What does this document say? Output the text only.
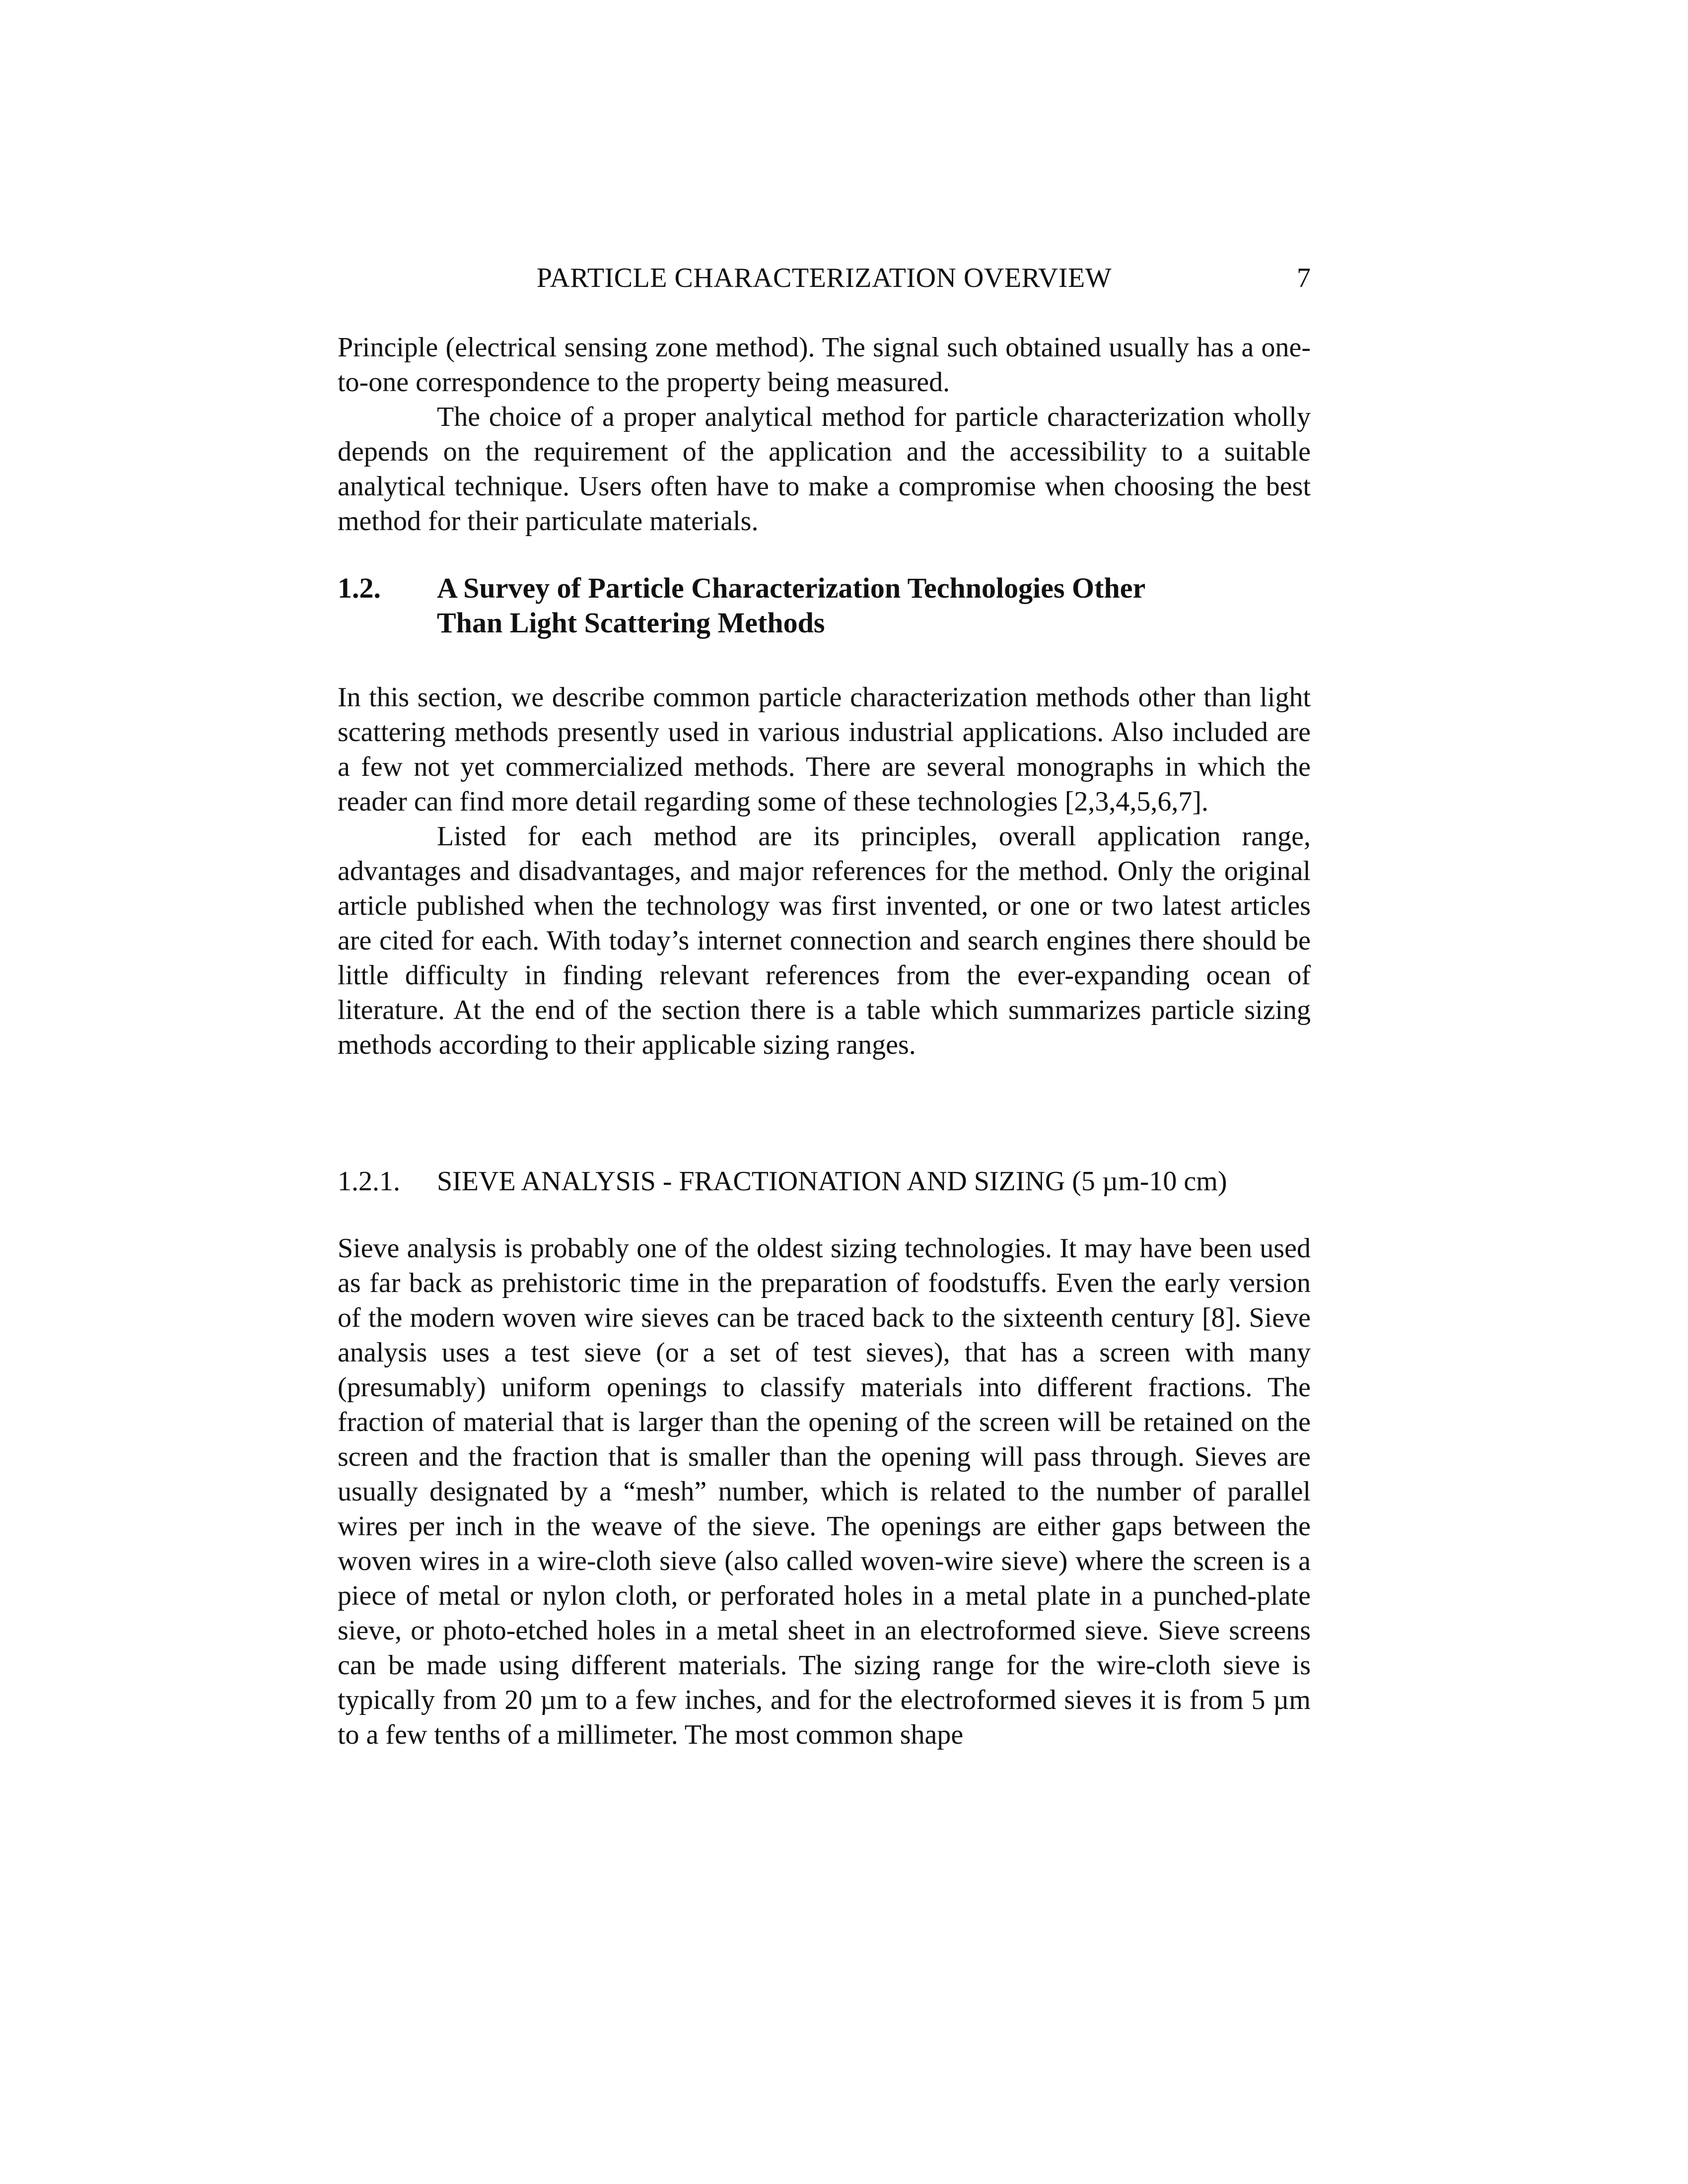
PARTICLE CHARACTERIZATION OVERVIEW	7

Principle (electrical sensing zone method). The signal such obtained usually has a one-to-one correspondence to the property being measured.

The choice of a proper analytical method for particle characterization wholly depends on the requirement of the application and the accessibility to a suitable analytical technique. Users often have to make a compromise when choosing the best method for their particulate materials.

1.2. A Survey of Particle Characterization Technologies Other
Than Light Scattering Methods

In this section, we describe common particle characterization methods other than light scattering methods presently used in various industrial applications. Also included are a few not yet commercialized methods. There are several monographs in which the reader can find more detail regarding some of these technologies [2,3,4,5,6,7].

Listed for each method are its principles, overall application range, advantages and disadvantages, and major references for the method. Only the original article published when the technology was first invented, or one or two latest articles are cited for each. With today’s internet connection and search engines there should be little difficulty in finding relevant references from the ever-expanding ocean of literature. At the end of the section there is a table which summarizes particle sizing methods according to their applicable sizing ranges.

1.2.1. SIEVE ANALYSIS - FRACTIONATION AND SIZING (5 µm-10 cm)

Sieve analysis is probably one of the oldest sizing technologies. It may have been used as far back as prehistoric time in the preparation of foodstuffs. Even the early version of the modern woven wire sieves can be traced back to the sixteenth century [8]. Sieve analysis uses a test sieve (or a set of test sieves), that has a screen with many (presumably) uniform openings to classify materials into different fractions. The fraction of material that is larger than the opening of the screen will be retained on the screen and the fraction that is smaller than the opening will pass through. Sieves are usually designated by a “mesh” number, which is related to the number of parallel wires per inch in the weave of the sieve. The openings are either gaps between the woven wires in a wire-cloth sieve (also called woven-wire sieve) where the screen is a piece of metal or nylon cloth, or perforated holes in a metal plate in a punched-plate sieve, or photo-etched holes in a metal sheet in an electroformed sieve. Sieve screens can be made using different materials. The sizing range for the wire-cloth sieve is typically from 20 µm to a few inches, and for the electroformed sieves it is from 5 µm to a few tenths of a millimeter. The most common shape
